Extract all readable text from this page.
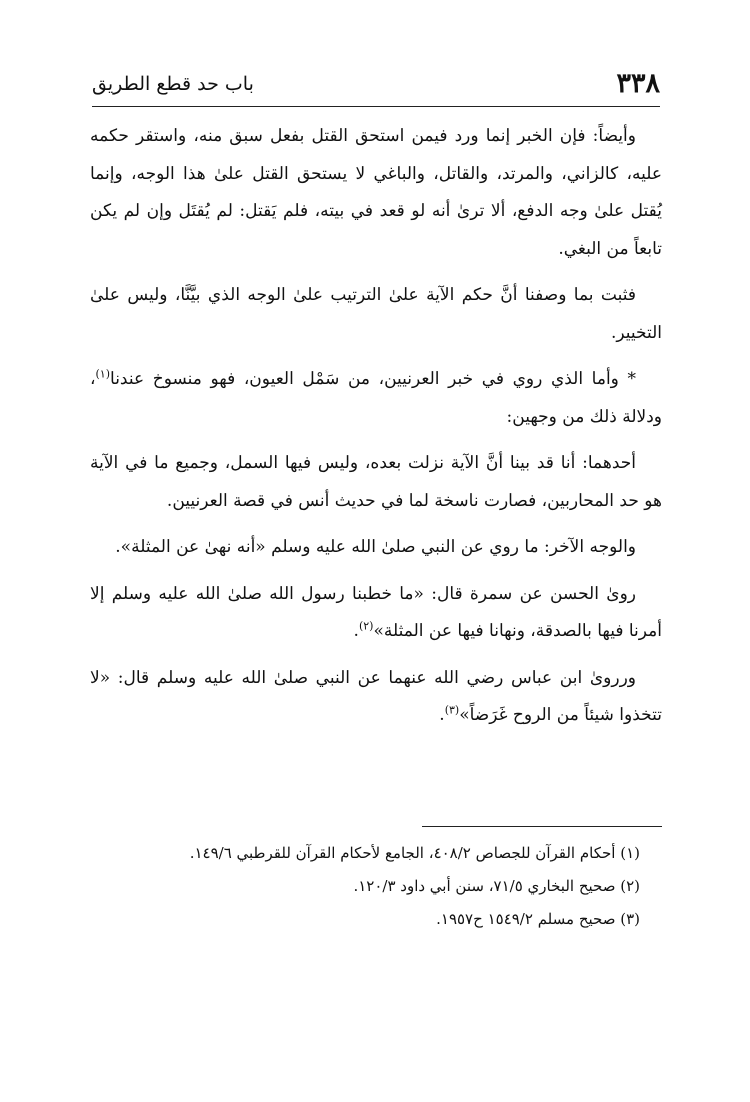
٣٣٨
باب حد قطع الطريق

وأيضاً: فإن الخبر إنما ورد فيمن استحق القتل بفعل سبق منه، واستقر حكمه عليه، كالزاني، والمرتد، والقاتل، والباغي لا يستحق القتل علىٰ هذا الوجه، وإنما يُقتل علىٰ وجه الدفع، ألا ترىٰ أنه لو قعد في بيته، فلم يَقتل: لم يُقتَل وإن لم يكن تابعاً من البغي.

فثبت بما وصفنا أنَّ حكم الآية علىٰ الترتيب علىٰ الوجه الذي بيَّنَّا، وليس علىٰ التخيير.

* وأما الذي روي في خبر العرنيين، من سَمْل العيون، فهو منسوخ عندنا$^{(١)}$، ودلالة ذلك من وجهين:

أحدهما: أنا قد بينا أنَّ الآية نزلت بعده، وليس فيها السمل، وجميع ما في الآية هو حد المحاربين، فصارت ناسخة لما في حديث أنس في قصة العرنيين.

والوجه الآخر: ما روي عن النبي صلىٰ الله عليه وسلم «أنه نهىٰ عن المثلة».

روىٰ الحسن عن سمرة قال: «ما خطبنا رسول الله صلىٰ الله عليه وسلم إلا أمرنا فيها بالصدقة، ونهانا فيها عن المثلة»$^{(٢)}$.

ورروىٰ ابن عباس رضي الله عنهما عن النبي صلىٰ الله عليه وسلم قال: «لا تتخذوا شيئاً من الروح غَرَضاً»$^{(٣)}$.

(١) أحكام القرآن للجصاص ٤٠٨/٢، الجامع لأحكام القرآن للقرطبي ١٤٩/٦.

(٢) صحيح البخاري ٧١/٥، سنن أبي داود ١٢٠/٣.

(٣) صحيح مسلم ١٥٤٩/٢ ح١٩٥٧.
